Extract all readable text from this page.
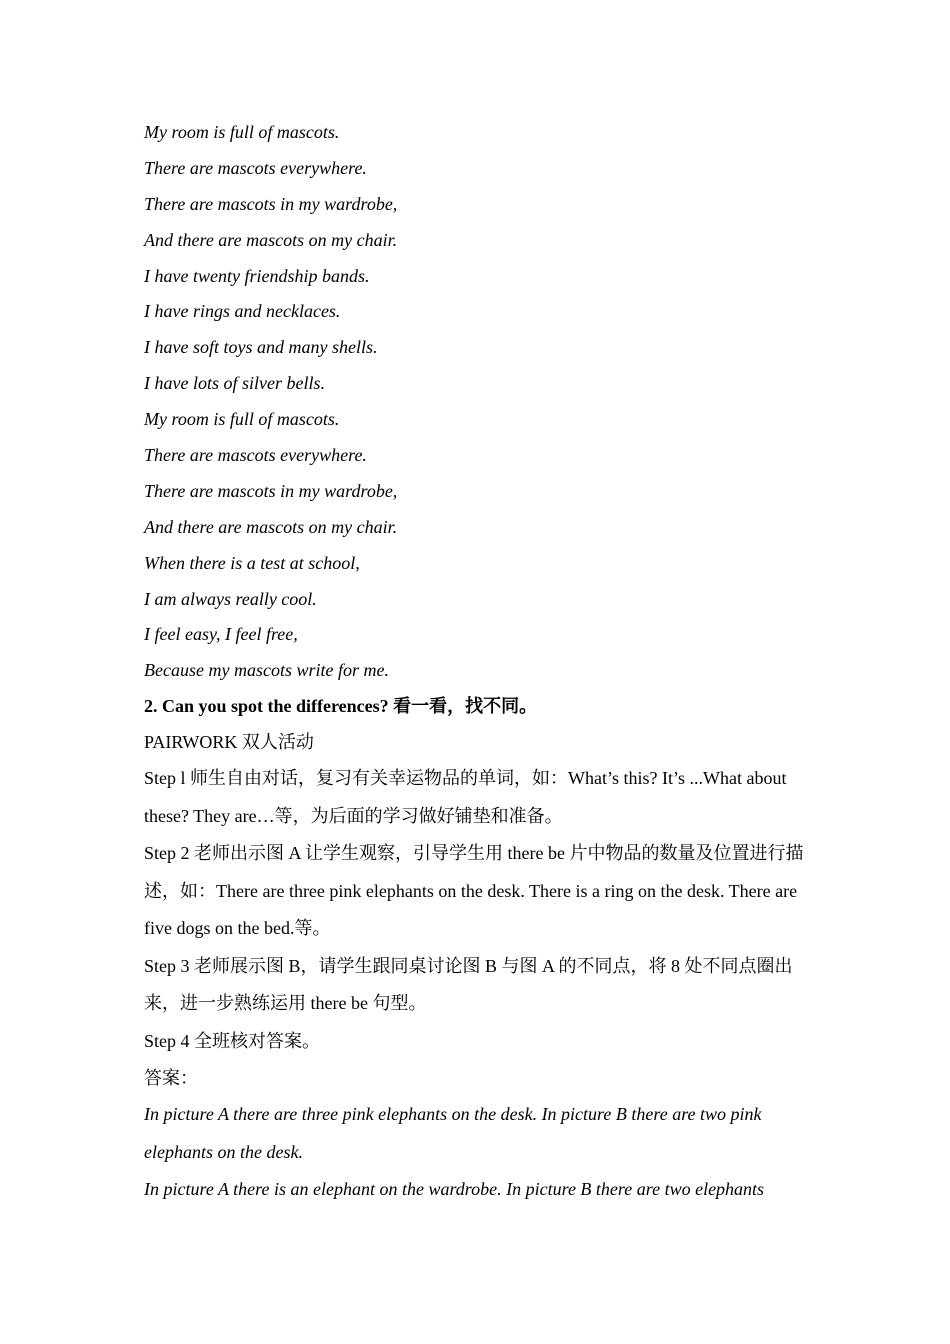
My room is full of mascots.
There are mascots everywhere.
There are mascots in my wardrobe,
And there are mascots on my chair.
I have twenty friendship bands.
I have rings and necklaces.
I have soft toys and many shells.
I have lots of silver bells.
My room is full of mascots.
There are mascots everywhere.
There are mascots in my wardrobe,
And there are mascots on my chair.
When there is a test at school,
I am always really cool.
I feel easy, I feel free,
Because my mascots write for me.
2. Can you spot the differences? 看一看，找不同。
PAIRWORK 双人活动

Step l 师生自由对话，复习有关幸运物品的单词，如：What’s this? It’s ...What about these? They are…等，为后面的学习做好铺垫和准备。

Step 2 老师出示图 A 让学生观察，引导学生用 there be 片中物品的数量及位置进行描述，如：There are three pink elephants on the desk. There is a ring on the desk. There are five dogs on the bed.等。

Step 3 老师展示图 B，请学生跟同桌讨论图 B 与图 A 的不同点，将 8 处不同点圈出来，进一步熟练运用 there be 句型。

Step 4 全班核对答案。

答案：

In picture A there are three pink elephants on the desk. In picture B there are two pink elephants on the desk.

In picture A there is an elephant on the wardrobe. In picture B there are two elephants
